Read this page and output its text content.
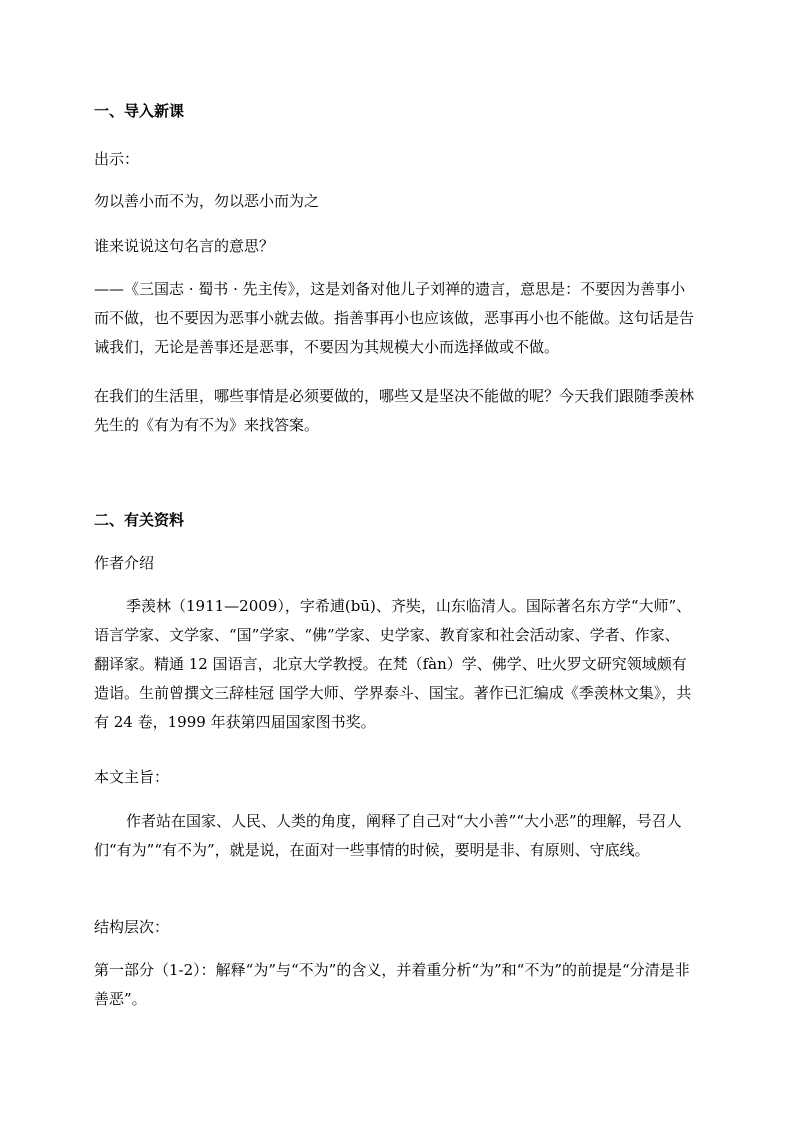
一、导入新课

出示：

勿以善小而不为，勿以恶小而为之

谁来说说这句名言的意思？

——《三国志 · 蜀书 · 先主传》，这是刘备对他儿子刘禅的遗言，意思是：不要因为善事小而不做，也不要因为恶事小就去做。指善事再小也应该做，恶事再小也不能做。这句话是告诫我们，无论是善事还是恶事，不要因为其规模大小而选择做或不做。

在我们的生活里，哪些事情是必须要做的，哪些又是坚决不能做的呢？今天我们跟随季羡林先生的《有为有不为》来找答案。

二、有关资料

作者介绍

季羡林（1911—2009），字希逋(bū)、齐奘，山东临清人。国际著名东方学“大师”、语言学家、文学家、“国”学家、“佛”学家、史学家、教育家和社会活动家、学者、作家、翻译家。精通 12 国语言，北京大学教授。在梵（fàn）学、佛学、吐火罗文研究领域颇有造诣。生前曾撰文三辞桂冠 国学大师、学界泰斗、国宝。著作已汇编成《季羡林文集》，共有 24 卷，1999 年获第四届国家图书奖。

本文主旨：

作者站在国家、人民、人类的角度，阐释了自己对“大小善”“大小恶”的理解，号召人们“有为”“有不为”，就是说，在面对一些事情的时候，要明是非、有原则、守底线。

结构层次：

第一部分（1-2）：解释“为”与“不为”的含义，并着重分析“为”和“不为”的前提是“分清是非善恶”。
